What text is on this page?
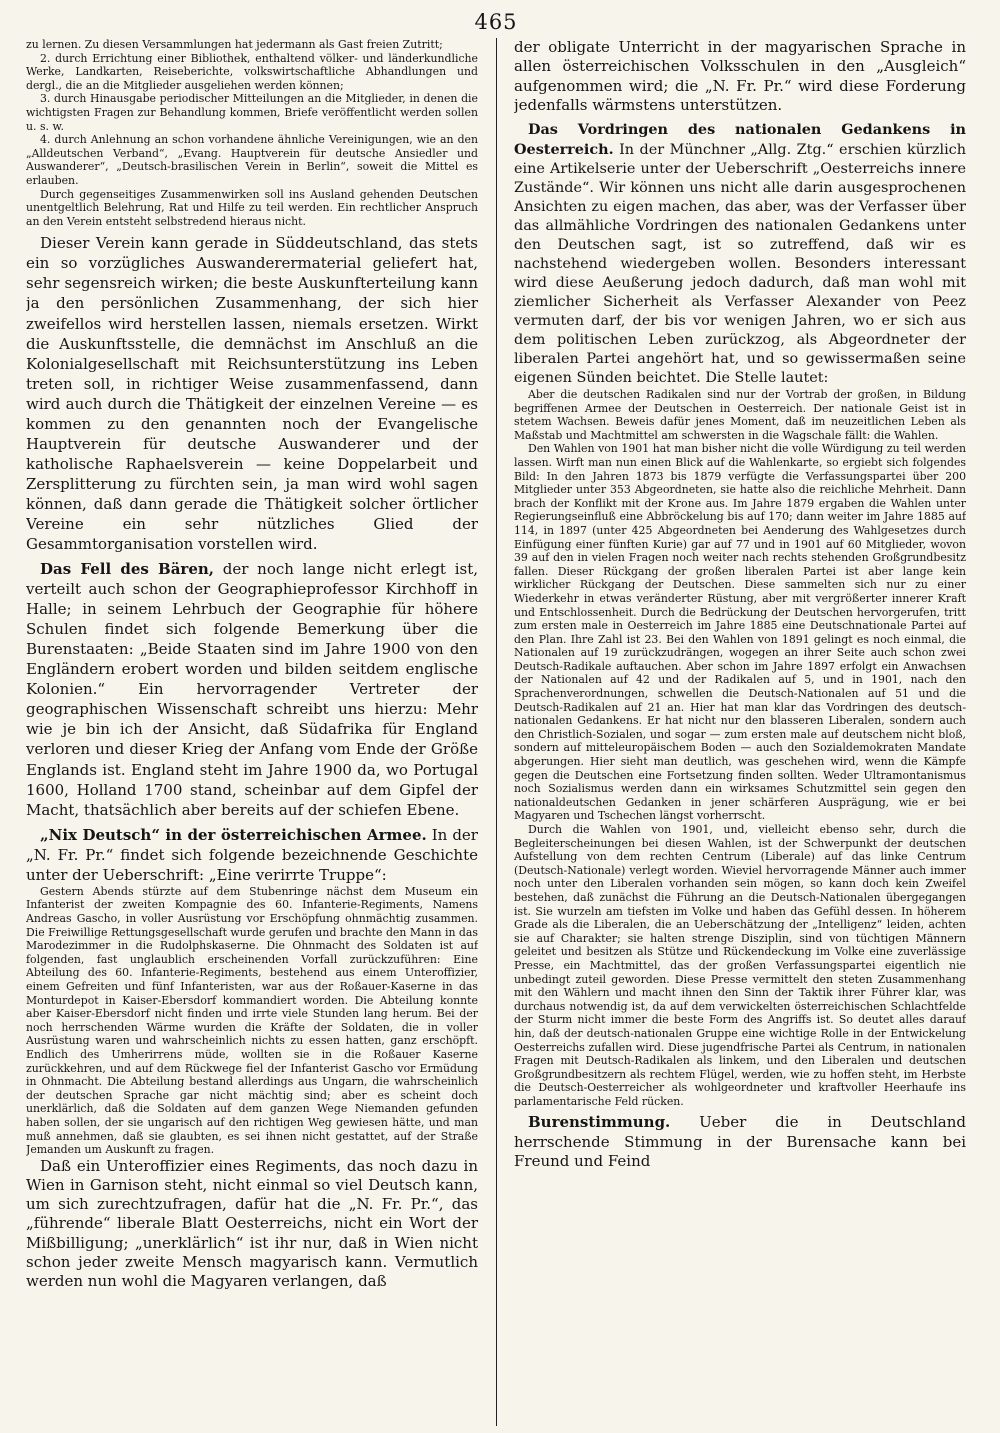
465

zu lernen. Zu diesen Versammlungen hat jedermann als Gast freien Zutritt;

2. durch Errichtung einer Bibliothek, enthaltend völker- und länderkundliche Werke, Landkarten, Reiseberichte, volkswirtschaftliche Abhandlungen und dergl., die an die Mitglieder ausgeliehen werden können;

3. durch Hinausgabe periodischer Mitteilungen an die Mitglieder, in denen die wichtigsten Fragen zur Behandlung kommen, Briefe veröffentlicht werden sollen u. s. w.

4. durch Anlehnung an schon vorhandene ähnliche Vereinigungen, wie an den „Alldeutschen Verband“, „Evang. Hauptverein für deutsche Ansiedler und Auswanderer“, „Deutsch-brasilischen Verein in Berlin“, soweit die Mittel es erlauben.

Durch gegenseitiges Zusammenwirken soll ins Ausland gehenden Deutschen unentgeltlich Belehrung, Rat und Hilfe zu teil werden. Ein rechtlicher Anspruch an den Verein entsteht selbstredend hieraus nicht.

Dieser Verein kann gerade in Süddeutschland, das stets ein so vorzügliches Auswanderermaterial geliefert hat, sehr segensreich wirken; die beste Auskunfterteilung kann ja den persönlichen Zusammenhang, der sich hier zweifellos wird herstellen lassen, niemals ersetzen. Wirkt die Auskunftsstelle, die demnächst im Anschluß an die Kolonialgesellschaft mit Reichsunterstützung ins Leben treten soll, in richtiger Weise zusammenfassend, dann wird auch durch die Thätigkeit der einzelnen Vereine — es kommen zu den genannten noch der Evangelische Hauptverein für deutsche Auswanderer und der katholische Raphaelsverein — keine Doppelarbeit und Zersplitterung zu fürchten sein, ja man wird wohl sagen können, daß dann gerade die Thätigkeit solcher örtlicher Vereine ein sehr nützliches Glied der Gesammtorganisation vorstellen wird.

Das Fell des Bären, der noch lange nicht erlegt ist, verteilt auch schon der Geographieprofessor Kirchhoff in Halle; in seinem Lehrbuch der Geographie für höhere Schulen findet sich folgende Bemerkung über die Burenstaaten: „Beide Staaten sind im Jahre 1900 von den Engländern erobert worden und bilden seitdem englische Kolonien.“ Ein hervorragender Vertreter der geographischen Wissenschaft schreibt uns hierzu: Mehr wie je bin ich der Ansicht, daß Südafrika für England verloren und dieser Krieg der Anfang vom Ende der Größe Englands ist. England steht im Jahre 1900 da, wo Portugal 1600, Holland 1700 stand, scheinbar auf dem Gipfel der Macht, thatsächlich aber bereits auf der schiefen Ebene.

„Nix Deutsch“ in der österreichischen Armee. In der „N. Fr. Pr.“ findet sich folgende bezeichnende Geschichte unter der Ueberschrift: „Eine verirrte Truppe“:

Gestern Abends stürzte auf dem Stubenringe nächst dem Museum ein Infanterist der zweiten Kompagnie des 60. Infanterie-Regiments, Namens Andreas Gascho, in voller Ausrüstung vor Erschöpfung ohnmächtig zusammen. Die Freiwillige Rettungsgesellschaft wurde gerufen und brachte den Mann in das Marodezimmer in die Rudolphskaserne. Die Ohnmacht des Soldaten ist auf folgenden, fast unglaublich erscheinenden Vorfall zurückzuführen: Eine Abteilung des 60. Infanterie-Regiments, bestehend aus einem Unteroffizier, einem Gefreiten und fünf Infanteristen, war aus der Roßauer-Kaserne in das Monturdepot in Kaiser-Ebersdorf kommandiert worden. Die Abteilung konnte aber Kaiser-Ebersdorf nicht finden und irrte viele Stunden lang herum. Bei der noch herrschenden Wärme wurden die Kräfte der Soldaten, die in voller Ausrüstung waren und wahrscheinlich nichts zu essen hatten, ganz erschöpft. Endlich des Umherirrens müde, wollten sie in die Roßauer Kaserne zurückkehren, und auf dem Rückwege fiel der Infanterist Gascho vor Ermüdung in Ohnmacht. Die Abteilung bestand allerdings aus Ungarn, die wahrscheinlich der deutschen Sprache gar nicht mächtig sind; aber es scheint doch unerklärlich, daß die Soldaten auf dem ganzen Wege Niemanden gefunden haben sollen, der sie ungarisch auf den richtigen Weg gewiesen hätte, und man muß annehmen, daß sie glaubten, es sei ihnen nicht gestattet, auf der Straße Jemanden um Auskunft zu fragen.

Daß ein Unteroffizier eines Regiments, das noch dazu in Wien in Garnison steht, nicht einmal so viel Deutsch kann, um sich zurechtzufragen, dafür hat die „N. Fr. Pr.“, das „führende“ liberale Blatt Oesterreichs, nicht ein Wort der Mißbilligung; „unerklärlich“ ist ihr nur, daß in Wien nicht schon jeder zweite Mensch magyarisch kann. Vermutlich werden nun wohl die Magyaren verlangen, daß

der obligate Unterricht in der magyarischen Sprache in allen österreichischen Volksschulen in den „Ausgleich“ aufgenommen wird; die „N. Fr. Pr.“ wird diese Forderung jedenfalls wärmstens unterstützen.

Das Vordringen des nationalen Gedankens in Oesterreich. In der Münchner „Allg. Ztg.“ erschien kürzlich eine Artikelserie unter der Ueberschrift „Oesterreichs innere Zustände“. Wir können uns nicht alle darin ausgesprochenen Ansichten zu eigen machen, das aber, was der Verfasser über das allmähliche Vordringen des nationalen Gedankens unter den Deutschen sagt, ist so zutreffend, daß wir es nachstehend wiedergeben wollen. Besonders interessant wird diese Aeußerung jedoch dadurch, daß man wohl mit ziemlicher Sicherheit als Verfasser Alexander von Peez vermuten darf, der bis vor wenigen Jahren, wo er sich aus dem politischen Leben zurückzog, als Abgeordneter der liberalen Partei angehört hat, und so gewissermaßen seine eigenen Sünden beichtet. Die Stelle lautet:

Aber die deutschen Radikalen sind nur der Vortrab der großen, in Bildung begriffenen Armee der Deutschen in Oesterreich. Der nationale Geist ist in stetem Wachsen. Beweis dafür jenes Moment, daß im neuzeitlichen Leben als Maßstab und Machtmittel am schwersten in die Wagschale fällt: die Wahlen.

Den Wahlen von 1901 hat man bisher nicht die volle Würdigung zu teil werden lassen. Wirft man nun einen Blick auf die Wahlenkarte, so ergiebt sich folgendes Bild: In den Jahren 1873 bis 1879 verfügte die Verfassungspartei über 200 Mitglieder unter 353 Abgeordneten, sie hatte also die reichliche Mehrheit. Dann brach der Konflikt mit der Krone aus. Im Jahre 1879 ergaben die Wahlen unter Regierungseinfluß eine Abbröckelung bis auf 170; dann weiter im Jahre 1885 auf 114, in 1897 (unter 425 Abgeordneten bei Aenderung des Wahlgesetzes durch Einfügung einer fünften Kurie) gar auf 77 und in 1901 auf 60 Mitglieder, wovon 39 auf den in vielen Fragen noch weiter nach rechts stehenden Großgrundbesitz fallen. Dieser Rückgang der großen liberalen Partei ist aber lange kein wirklicher Rückgang der Deutschen. Diese sammelten sich nur zu einer Wiederkehr in etwas veränderter Rüstung, aber mit vergrößerter innerer Kraft und Entschlossenheit. Durch die Bedrückung der Deutschen hervorgerufen, tritt zum ersten male in Oesterreich im Jahre 1885 eine Deutschnationale Partei auf den Plan. Ihre Zahl ist 23. Bei den Wahlen von 1891 gelingt es noch einmal, die Nationalen auf 19 zurückzudrängen, wogegen an ihrer Seite auch schon zwei Deutsch-Radikale auftauchen. Aber schon im Jahre 1897 erfolgt ein Anwachsen der Nationalen auf 42 und der Radikalen auf 5, und in 1901, nach den Sprachenverordnungen, schwellen die Deutsch-Nationalen auf 51 und die Deutsch-Radikalen auf 21 an. Hier hat man klar das Vordringen des deutsch-nationalen Gedankens. Er hat nicht nur den blasseren Liberalen, sondern auch den Christlich-Sozialen, und sogar — zum ersten male auf deutschem nicht bloß, sondern auf mitteleuropäischem Boden — auch den Sozialdemokraten Mandate abgerungen. Hier sieht man deutlich, was geschehen wird, wenn die Kämpfe gegen die Deutschen eine Fortsetzung finden sollten. Weder Ultramontanismus noch Sozialismus werden dann ein wirksames Schutzmittel sein gegen den nationaldeutschen Gedanken in jener schärferen Ausprägung, wie er bei Magyaren und Tschechen längst vorherrscht.

Durch die Wahlen von 1901, und, vielleicht ebenso sehr, durch die Begleiterscheinungen bei diesen Wahlen, ist der Schwerpunkt der deutschen Aufstellung von dem rechten Centrum (Liberale) auf das linke Centrum (Deutsch-Nationale) verlegt worden. Wieviel hervorragende Männer auch immer noch unter den Liberalen vorhanden sein mögen, so kann doch kein Zweifel bestehen, daß zunächst die Führung an die Deutsch-Nationalen übergegangen ist. Sie wurzeln am tiefsten im Volke und haben das Gefühl dessen. In höherem Grade als die Liberalen, die an Ueberschätzung der „Intelligenz“ leiden, achten sie auf Charakter; sie halten strenge Disziplin, sind von tüchtigen Männern geleitet und besitzen als Stütze und Rückendeckung im Volke eine zuverlässige Presse, ein Machtmittel, das der großen Verfassungspartei eigentlich nie unbedingt zuteil geworden. Diese Presse vermittelt den steten Zusammenhang mit den Wählern und macht ihnen den Sinn der Taktik ihrer Führer klar, was durchaus notwendig ist, da auf dem verwickelten österreichischen Schlachtfelde der Sturm nicht immer die beste Form des Angriffs ist. So deutet alles darauf hin, daß der deutsch-nationalen Gruppe eine wichtige Rolle in der Entwickelung Oesterreichs zufallen wird. Diese jugendfrische Partei als Centrum, in nationalen Fragen mit Deutsch-Radikalen als linkem, und den Liberalen und deutschen Großgrundbesitzern als rechtem Flügel, werden, wie zu hoffen steht, im Herbste die Deutsch-Oesterreicher als wohlgeordneter und kraftvoller Heerhaufe ins parlamentarische Feld rücken.

Burenstimmung. Ueber die in Deutschland herrschende Stimmung in der Burensache kann bei Freund und Feind
